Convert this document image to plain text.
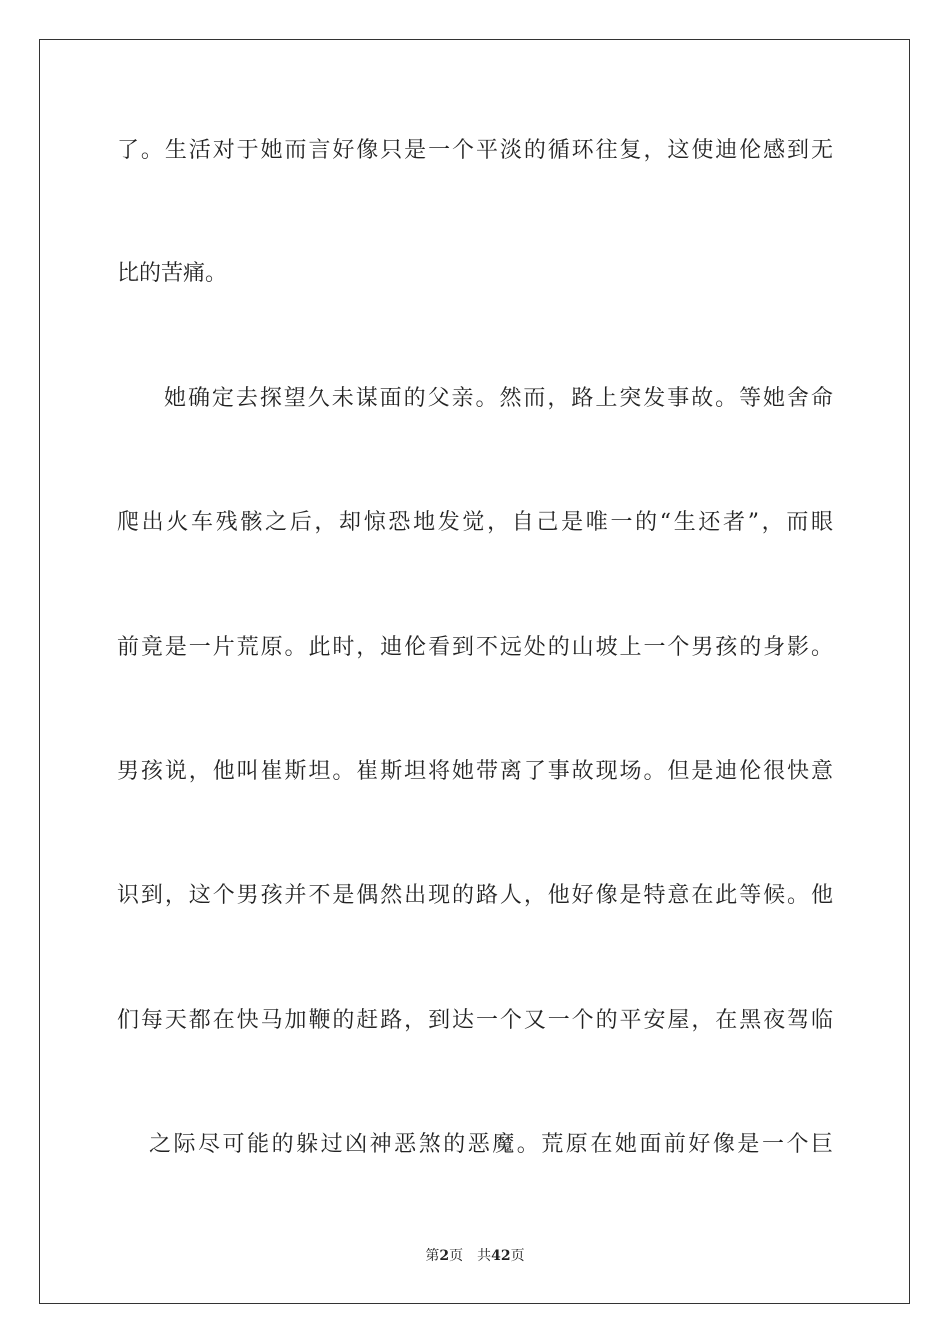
了。生活对于她而言好像只是一个平淡的循环往复，这使迪伦感到无
比的苦痛。
她确定去探望久未谋面的父亲。然而，路上突发事故。等她舍命
爬出火车残骸之后，却惊恐地发觉，自己是唯一的“生还者”，而眼
前竟是一片荒原。此时，迪伦看到不远处的山坡上一个男孩的身影。
男孩说，他叫崔斯坦。崔斯坦将她带离了事故现场。但是迪伦很快意
识到，这个男孩并不是偶然出现的路人，他好像是特意在此等候。他
们每天都在快马加鞭的赶路，到达一个又一个的平安屋，在黑夜驾临
之际尽可能的躲过凶神恶煞的恶魔。荒原在她面前好像是一个巨
第2页 共42页
